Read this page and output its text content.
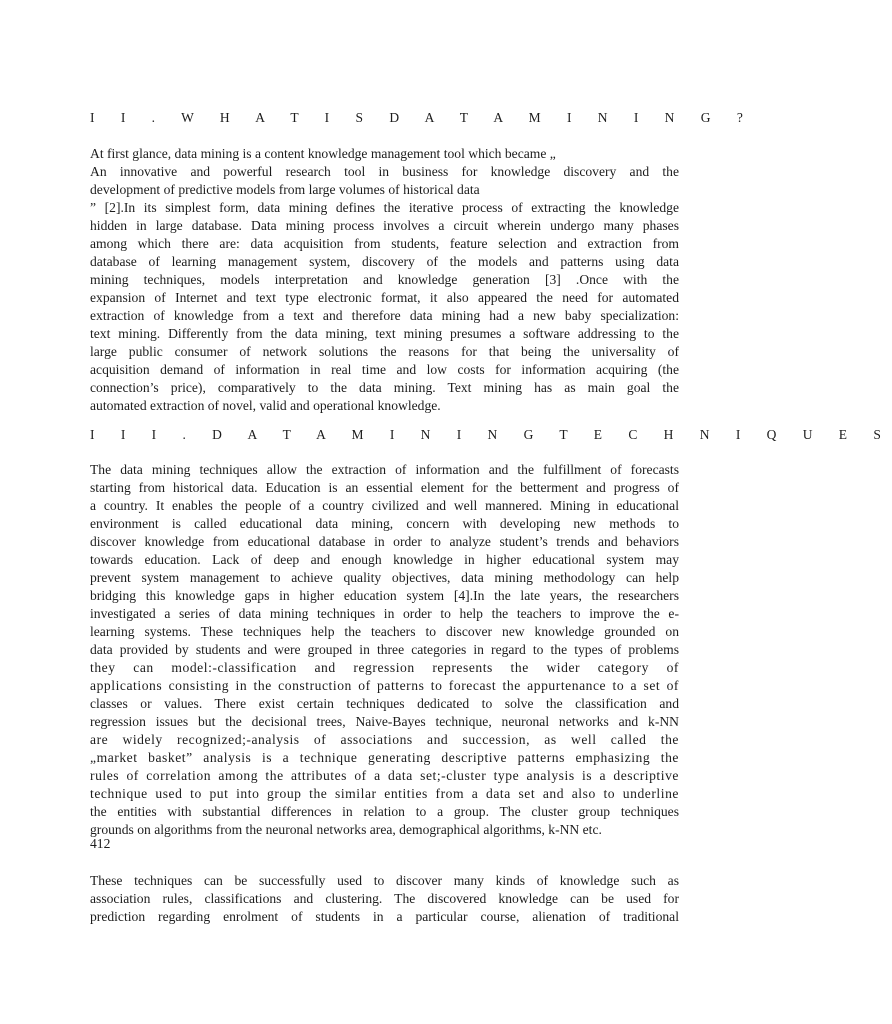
I I . W H A T I S D A T A M I N I N G ?
At first glance, data mining is a content knowledge management tool which became „
An innovative and powerful research tool in business for knowledge discovery and the
development of predictive models from large volumes of historical data
” [2].In its simplest form, data mining defines the iterative process of extracting the knowledge
hidden in large database. Data mining process involves a circuit wherein undergo many phases
among which there are: data acquisition from students, feature selection and extraction from
database of learning management system, discovery of the models and patterns using data
mining techniques, models interpretation and knowledge generation [3] .Once with the
expansion of Internet and text type electronic format, it also appeared the need for automated
extraction of knowledge from a text and therefore data mining had a new baby specialization:
text mining. Differently from the data mining, text mining presumes a software addressing to the
large public consumer of network solutions the reasons for that being the universality of
acquisition demand of information in real time and low costs for information acquiring (the
connection’s price), comparatively to the data mining. Text mining has as main goal the
automated extraction of novel, valid and operational knowledge.
I I I . D A T A M I N I N G T E C H N I Q U E S
The data mining techniques allow the extraction of information and the fulfillment of forecasts
starting from historical data. Education is an essential element for the betterment and progress of
a country. It enables the people of a country civilized and well mannered. Mining in educational
environment is called educational data mining, concern with developing new methods to
discover knowledge from educational database in order to analyze student’s trends and behaviors
towards education. Lack of deep and enough knowledge in higher educational system may
prevent system management to achieve quality objectives, data mining methodology can help
bridging this knowledge gaps in higher education system [4].In the late years, the researchers
investigated a series of data mining techniques in order to help the teachers to improve the e-
learning systems. These techniques help the teachers to discover new knowledge grounded on
data provided by students and were grouped in three categories in regard to the types of problems
they can model:-classification and regression represents the wider category of
applications consisting in the construction of patterns to forecast the appurtenance to a set of
classes or values. There exist certain techniques dedicated to solve the classification and
regression issues but the decisional trees, Naive-Bayes technique, neuronal networks and k-NN
are widely recognized;-analysis of associations and succession, as well called the
„market basket” analysis is a technique generating descriptive patterns emphasizing the
rules of correlation among the attributes of a data set;-cluster type analysis is a descriptive
technique used to put into group the similar entities from a data set and also to underline
the entities with substantial differences in relation to a group. The cluster group techniques
grounds on algorithms from the neuronal networks area, demographical algorithms, k-NN etc.
412
These techniques can be successfully used to discover many kinds of knowledge such as
association rules, classifications and clustering. The discovered knowledge can be used for
prediction regarding enrolment of students in a particular course, alienation of traditional
